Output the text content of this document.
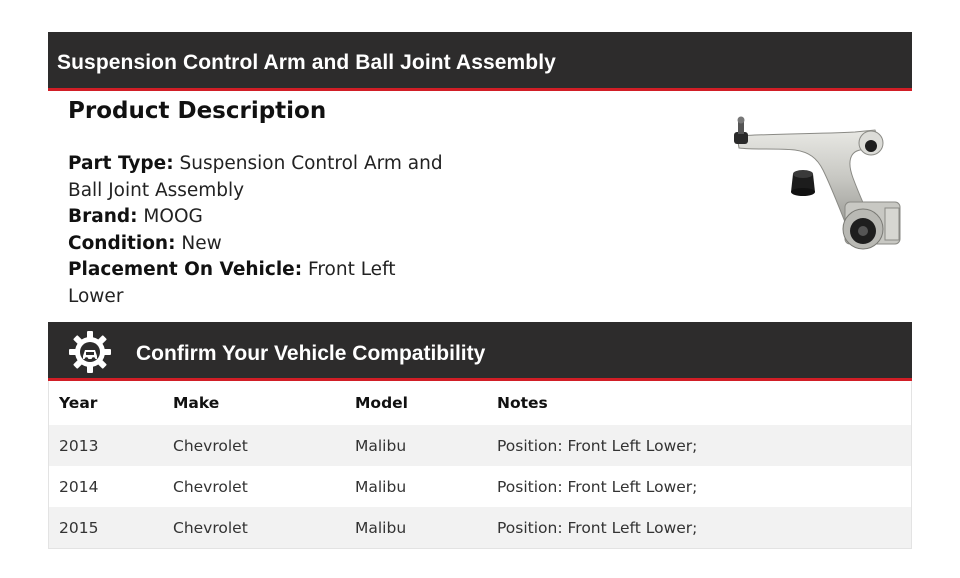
Suspension Control Arm and Ball Joint Assembly
Product Description
Part Type: Suspension Control Arm and Ball Joint Assembly
Brand: MOOG
Condition: New
Placement On Vehicle: Front Left Lower
Confirm Your Vehicle Compatibility
Year	Make	Model	Notes
2013	Chevrolet	Malibu	Position: Front Left Lower;
2014	Chevrolet	Malibu	Position: Front Left Lower;
2015	Chevrolet	Malibu	Position: Front Left Lower;
